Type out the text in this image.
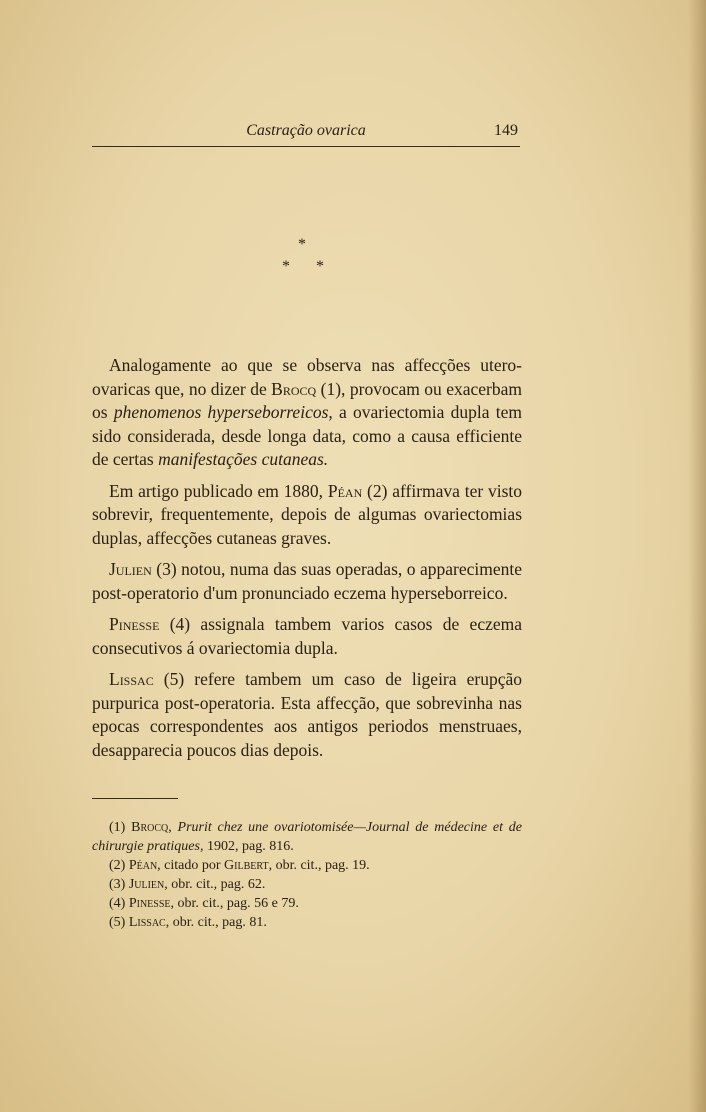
Castração ovarica	149
*
* *

Analogamente ao que se observa nas affecções utero-ovaricas que, no dizer de Brocq (1), provocam ou exacerbam os phenomenos hyperseborreicos, a ovariectomia dupla tem sido considerada, desde longa data, como a causa efficiente de certas manifestações cutaneas.

Em artigo publicado em 1880, Péan (2) affirmava ter visto sobrevir, frequentemente, depois de algumas ovariectomias duplas, affecções cutaneas graves.

Julien (3) notou, numa das suas operadas, o apparecimente post-operatorio d'um pronunciado eczema hyperseborreico.

Pinesse (4) assignala tambem varios casos de eczema consecutivos á ovariectomia dupla.

Lissac (5) refere tambem um caso de ligeira erupção purpurica post-operatoria. Esta affecção, que sobrevinha nas epocas correspondentes aos antigos periodos menstruaes, desapparecia poucos dias depois.

(1) Brocq, Prurit chez une ovariotomisée—Journal de médecine et de chirurgie pratiques, 1902, pag. 816.

(2) Péan, citado por Gilbert, obr. cit., pag. 19.

(3) Julien, obr. cit., pag. 62.

(4) Pinesse, obr. cit., pag. 56 e 79.

(5) Lissac, obr. cit., pag. 81.
